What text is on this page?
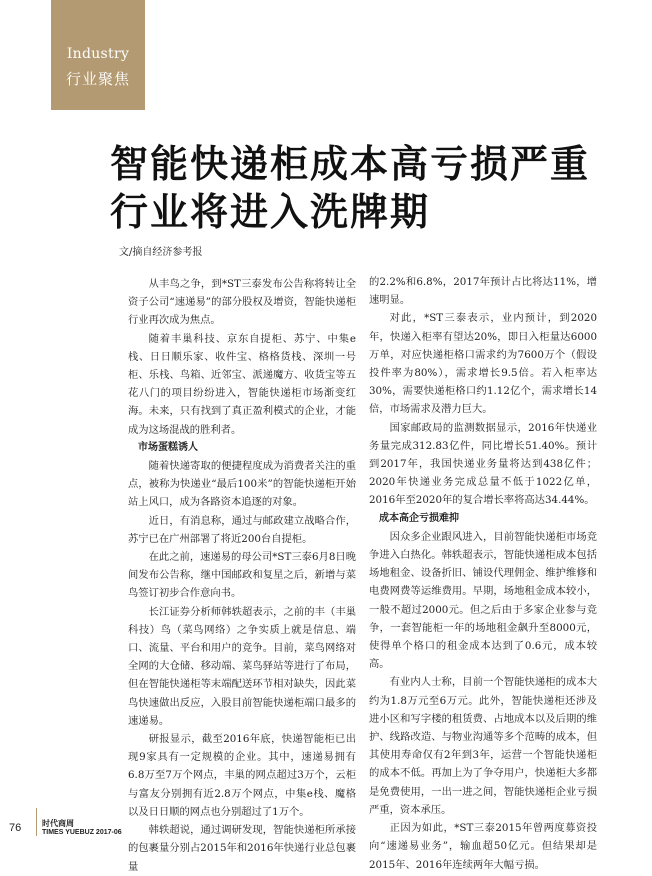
Industry
行业聚焦
智能快递柜成本高亏损严重
行业将进入洗牌期
文/摘自经济参考报

从丰鸟之争，到*ST三泰发布公告称将转让全资子公司“速递易”的部分股权及增资，智能快递柜行业再次成为焦点。

随着丰巢科技、京东自提柜、苏宁、中集e栈、日日顺乐家、收件宝、格格货栈、深圳一号柜、乐栈、鸟箱、近邻宝、派递魔方、收货宝等五花八门的项目纷纷进入，智能快递柜市场渐变红海。未来，只有找到了真正盈利模式的企业，才能成为这场混战的胜利者。

市场蛋糕诱人

随着快递寄取的便捷程度成为消费者关注的重点，被称为快递业“最后100米”的智能快递柜开始站上风口，成为各路资本追逐的对象。

近日，有消息称，通过与邮政建立战略合作，苏宁已在广州部署了将近200台自提柜。

在此之前，速递易的母公司*ST三泰6月8日晚间发布公告称，继中国邮政和复星之后，新增与菜鸟签订初步合作意向书。

长江证券分析师韩轶超表示，之前的丰（丰巢科技）鸟（菜鸟网络）之争实质上就是信息、端口、流量、平台和用户的竞争。目前，菜鸟网络对全网的大仓储、移动端、菜鸟驿站等进行了布局，但在智能快递柜等末端配送环节相对缺失，因此菜鸟快速做出反应，入股目前智能快递柜端口最多的速递易。

研报显示，截至2016年底，快递智能柜已出现9家具有一定规模的企业。其中，速递易拥有6.8万至7万个网点，丰巢的网点超过3万个，云柜与富友分别拥有近2.8万个网点，中集e栈、魔格以及日日顺的网点也分别超过了1万个。

韩轶超说，通过调研发现，智能快递柜所承接的包裹量分别占2015年和2016年快递行业总包裹量

的2.2%和6.8%，2017年预计占比将达11%，增速明显。

对此，*ST三泰表示，业内预计，到2020年，快递入柜率有望达20%，即日入柜量达6000万单，对应快递柜格口需求约为7600万个（假设投件率为80%），需求增长9.5倍。若入柜率达30%，需要快递柜格口约1.12亿个，需求增长14倍，市场需求及潜力巨大。

国家邮政局的监测数据显示，2016年快递业务量完成312.83亿件，同比增长51.40%。预计到2017年，我国快递业务量将达到438亿件；2020年快递业务完成总量不低于1022亿单，2016年至2020年的复合增长率将高达34.44%。

成本高企亏损难抑

因众多企业跟风进入，目前智能快递柜市场竞争进入白热化。韩轶超表示，智能快递柜成本包括场地租金、设备折旧、铺设代理佣金、维护维修和电费网费等运维费用。早期，场地租金成本较小，一般不超过2000元。但之后由于多家企业参与竞争，一套智能柜一年的场地租金飙升至8000元，使得单个格口的租金成本达到了0.6元，成本较高。

有业内人士称，目前一个智能快递柜的成本大约为1.8万元至6万元。此外，智能快递柜还涉及进小区和写字楼的租赁费、占地成本以及后期的维护、线路改造、与物业沟通等多个范畴的成本，但其使用寿命仅有2年到3年，运营一个智能快递柜的成本不低。再加上为了争夺用户，快递柜大多都是免费使用，一出一进之间，智能快递柜企业亏损严重，资本承压。

正因为如此，*ST三泰2015年曾两度募资投向“速递易业务”，输血超50亿元。但结果却是2015年、2016年连续两年大幅亏损。

76	时代商周
TIMES YUEBUZ 2017-06
